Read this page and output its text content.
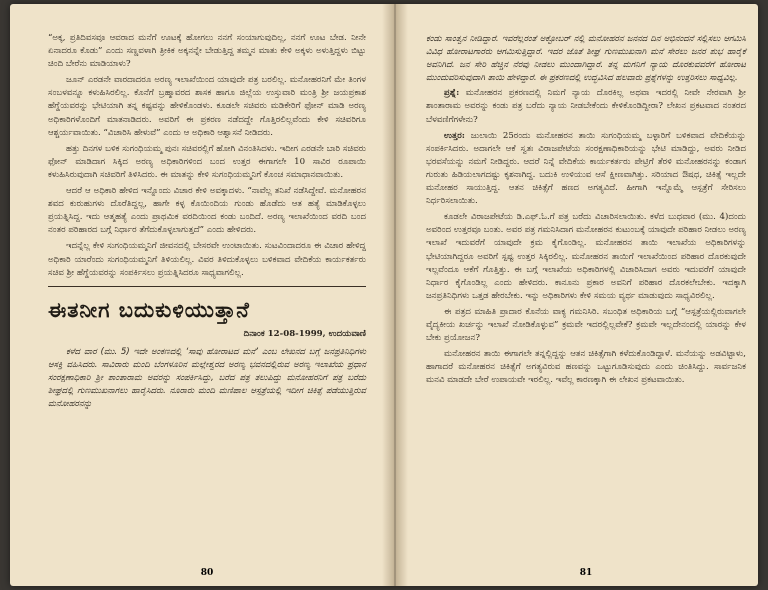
“ಅಕ್ಕ, ಪ್ರತಿದಿವಸವೂ ಆವರಾದ ಮನೆಗೆ ಊಟಕ್ಕೆ ಹೋಗಲು ನನಗೆ ಸಂಯಾಗುವುದಿಲ್ಲ, ನನಗೆ ಊಟ ಬೇಡ. ನೀನೇ ಏನಾದರೂ ಕೊಡು” ಎಂದು ಸಣ್ಣವಳಾಗಿ ತ್ರೀಕಿಕ ಅಕ್ಕನನ್ನೇ ಬೇಡುತ್ತಿದ್ದ ತಮ್ಮನ ಮಾತು ಕೇಳಿ ಅಕ್ಕಳು ಅಳುತ್ತಿದ್ದಳು ಬಿಟ್ಟು ಚಿಂದಿ ಬೇರೆನು ಮಾಡಿಯಾಳು?

ಜೂನ್ ಎರಡನೇ ವಾರದಾದರೂ ಅರಣ್ಯ ಇಲಾಖೆಯಿಂದ ಯಾವುದೇ ಪತ್ರ ಬರಲಿಲ್ಲ. ಮನೋಹರನಿಗೆ ಮೇ ತಿಂಗಳ ಸಂಬಳವನ್ನೂ ಕಳುಹಿಸಿರಲಿಲ್ಲ. ಕೊನೆಗೆ ಬ್ರಹ್ಮಾವರದ ಶಾಸಕ ಹಾಗೂ ಜಿಲ್ಲೆಯ ಉಸ್ತುವಾರಿ ಮಂತ್ರಿ ಶ್ರೀ ಜಯಪ್ರಕಾಶ ಹೆಗ್ಡೆಯವರನ್ನು ಭೇಟಿಯಾಗಿ ತನ್ನ ಕಷ್ಟವನ್ನು ಹೇಳಿಕೊಂಡಳು. ಕೂಡಲೇ ಸಚಿವರು ಮಡಿಕೇರಿಗೆ ಫೋನ್ ಮಾಡಿ ಅರಣ್ಯ ಅಧಿಕಾರಿಗಳೊಂದಿಗೆ ಮಾತನಾಡಿದರು. ಅವರಿಗೆ ಈ ಪ್ರಕರಣ ನಡೆದದ್ದೇ ಗೊತ್ತಿರಲಿಲ್ಲವೆಂದು ಕೇಳಿ ಸಚಿವರಿಗೂ ಆಶ್ಚರ್ಯವಾಯಿತು. “ವಿಚಾರಿಸಿ ಹೇಳುವೆ” ಎಂದು ಆ ಅಧಿಕಾರಿ ಆಶ್ವಾಸನೆ ನೀಡಿದರು.

ಹತ್ತು ದಿನಗಳ ಬಳಿಕ ಸುಗಂಧಿಯಮ್ಮ ಪುನಃ ಸಚಿವರಲ್ಲಿಗೆ ಹೋಗಿ ವಿನಂತಿಸಿದಳು. ಇದೀಗ ಎರಡನೇ ಬಾರಿ ಸಚಿವರು ಫೋನ್ ಮಾಡಿದಾಗ ಸಿಕ್ಕಿದ ಅರಣ್ಯ ಅಧಿಕಾರಿಗಳಿಂದ ಬಂದ ಉತ್ತರ ಈಗಾಗಲೇ 10 ಸಾವಿರ ರೂಪಾಯಿ ಕಳುಹಿಸಿರುವುದಾಗಿ ಸಚಿವರಿಗೆ ತಿಳಿಸಿದರು. ಈ ಮಾತನ್ನು ಕೇಳಿ ಸುಗಂಧಿಯಮ್ಮನಿಗೆ ಕೊಂಚ ಸಮಾಧಾನವಾಯಿತು.

ಆದರೆ ಆ ಅಧಿಕಾರಿ ಹೇಳಿದ ಇನ್ನೊಂದು ವಿಚಾರ ಕೇಳಿ ಅವಕ್ಕಾದಳು. “ನಾವೆಲ್ಲ ತನಿಖೆ ನಡೆಸಿದ್ದೇವೆ. ಮನೋಹರನ ಶವದ ಕುರುಹುಗಳು ದೊರೆತಿದ್ದಲ್ಲ, ಹಾಗೇ ಕಳ್ಳ ಕೊಯಿಂದಿಯ ಗುಂಡು ಹೊಡೆದು ಆತ ಹತ್ಯೆ ಮಾಡಿಕೊಳ್ಳಲು ಪ್ರಯತ್ನಿಸಿದ್ದ. ಇದು ಆತ್ಮಹತ್ಯೆ ಎಂದು ಪ್ರಾಥಮಿಕ ವರದಿಯಿಂದ ಕಂಡು ಬಂದಿದೆ. ಅರಣ್ಯ ಇಲಾಖೆಯಿಂದ ವರದಿ ಬಂದ ನಂತರ ಪರಿಹಾರದ ಬಗ್ಗೆ ನಿರ್ಧಾರ ತೆಗೆದುಕೊಳ್ಳಲಾಗುತ್ತದೆ” ಎಂದು ಹೇಳಿದರು.

ಇದನ್ನೆಲ್ಲ ಕೇಳಿ ಸುಗಂಧಿಯಮ್ಮನಿಗೆ ಜೀವನದಲ್ಲಿ ಬೇಸರವೇ ಉಂಟಾಯಿತು. ಸುಟವಿಂದಾದರೂ ಈ ವಿಚಾರ ಹೇಳಿದ್ದ ಅಧಿಕಾರಿ ಯಾರೆಂದು ಸುಗಂಧಿಯಮ್ಮನಿಗೆ ತಿಳಿಯಲಿಲ್ಲ. ವಿವರ ತಿಳಿದುಕೊಳ್ಳಲು ಬಳಿಕವಾದ ವೇದಿಕೆಯ ಕಾರ್ಯಕರ್ತರು ಸಚಿವ ಶ್ರೀ ಹೆಗ್ಡೆಯವರನ್ನು ಸಂಪರ್ಕಿಸಲು ಪ್ರಯತ್ನಿಸಿದರೂ ಸಾಧ್ಯವಾಗಲಿಲ್ಲ.

ಈತನೀಗ ಬದುಕುಳಿಯುತ್ತಾನೆ
ದಿನಾಂಕ 12-08-1999, ಉದಯವಾಣಿ

ಕಳೆದ ವಾರ (ಮು. 5) ಇದೇ ಅಂಕಣದಲ್ಲಿ ‘ಸಾವು ಹೋರಾಟದ ಮನೆ’ ಎಂಬ ಲೇಖನದ ಬಗ್ಗೆ ಜನಪ್ರತಿನಿಧಿಗಳು ಆಸಕ್ತಿ ವಹಿಸಿದರು. ಸಾವಿರಾರು ಮಂದಿ ಬೆಂಗಳೂರಿನ ಮಲ್ಲೇಶ್ವರದ ಅರಣ್ಯ ಭವನದಲ್ಲಿರುವ ಅರಣ್ಯ ಇಲಾಖೆಯ ಪ್ರಧಾನ ಸಂರಕ್ಷಣಾಧಿಕಾರಿ ಶ್ರೀ ಶಾಂತಾರಾಮ ಅವರನ್ನು ಸಂಪರ್ಕಿಸಿದ್ದು, ಬರೆದ ಪತ್ರ ತಲುಪಿದ್ದು ಮನೋಹರನಿಗೆ ಪತ್ರ ಬರೆದು ಶೀಘ್ರದಲ್ಲಿ ಗುಣಮುಖನಾಗಲು ಹಾರೈಸಿದರು. ನೂರಾರು ಮಂದಿ ಮಣಿಪಾಲ ಆಸ್ಪತ್ರೆಯಲ್ಲಿ ಇದೀಗ ಚಿಕಿತ್ಸೆ ಪಡೆಯುತ್ತಿರುವ ಮನೋಹರನನ್ನು

ಕಂಡು ಸಾಂತ್ವನ ನೀಡಿದ್ದಾರೆ. ಇವರೆಲ್ಲರಂತೆ ಅಕ್ಟೋಬರ್ ನಲ್ಲಿ ಮನೋಹರನ ಜನನದ ದಿನ ಅಭಿನಂದನೆ ಸಲ್ಲಿಸಲು ಆಗಮಿಸಿ ವಿವಿಧ ಹೋರಾಟಗಾರರು ಆಗಮಿಸುತ್ತಿದ್ದಾರೆ. ಇದರ ಜೊತೆ ಶೀಘ್ರ ಗುಣಮುಖನಾಗಿ ಮನೆ ಸೇರಲು ಜನರ ಶುಭ ಹಾರೈಕೆ ಅವನಿಗಿದೆ. ಜನ ಸೇರಿ ಹೆಚ್ಚಿನ ನೆರವು ನೀಡಲು ಮುಂದಾಗಿದ್ದಾರೆ. ತನ್ನ ಮಗನಿಗೆ ನ್ಯಾಯ ದೊರಕುವವರೆಗೆ ಹೋರಾಟ ಮುಂದುವರಿಸುವುದಾಗಿ ತಾಯಿ ಹೇಳಿದ್ದಾರೆ. ಈ ಪ್ರಕರಣದಲ್ಲಿ ಉದ್ಭವಿಸಿದ ಹಲವಾರು ಪ್ರಶ್ನೆಗಳನ್ನು ಉತ್ತರಿಸಲು ಸಾಧ್ಯವಿಲ್ಲ.

ಪ್ರಶ್ನೆ: ಮನೋಹರನ ಪ್ರಕರಣದಲ್ಲಿ ನಿಮಗೆ ನ್ಯಾಯ ದೊರಕಿಲ್ಲ ಅಥವಾ ಇದರಲ್ಲಿ ನೀವೇ ನೇರವಾಗಿ ಶ್ರೀ ಶಾಂತಾರಾಮ ಅವರನ್ನು ಕಂಡು ಪತ್ರ ಬರೆದು ನ್ಯಾಯ ನೀಡಬೇಕೆಂದು ಕೇಳಿಕೊಂಡಿದ್ದೀರಾ? ಲೇಖನ ಪ್ರಕಟವಾದ ನಂತರದ ಬೆಳವಣಿಗೆಗಳೇನು?

ಉತ್ತರ: ಜುಲಾಯಿ 25ರಂದು ಮನೋಹರನ ತಾಯಿ ಸುಗಂಧಿಯಮ್ಮ ಬಳ್ಳಾರಿಗೆ ಬಳಿಕವಾದ ವೇದಿಕೆಯನ್ನು ಸಂಪರ್ಕಿಸಿದರು. ಅದಾಗಲೇ ಆಕೆ ಸ್ವತಃ ವಿರಾಜಪೇಟೆಯ ಸಂರಕ್ಷಣಾಧಿಕಾರಿಯನ್ನು ಭೇಟಿ ಮಾಡಿದ್ದು, ಅವರು ನೀಡಿದ ಭರವಸೆಯನ್ನು ನಮಗೆ ನೀಡಿದ್ದರು. ಆದರೆ ನಿನ್ನೆ ವೇದಿಕೆಯ ಕಾರ್ಯಕರ್ತರು ಪೇಟ್ರಿಗೆ ತೆರಳಿ ಮನೋಹರನನ್ನು ಕಂಡಾಗ ಗುರುತು ಹಿಡಿಯಲಾಗದಷ್ಟು ಕೃಶನಾಗಿದ್ದ. ಬದುಕಿ ಉಳಿಯುವ ಆಸೆ ಕ್ಷೀಣವಾಗಿತ್ತು. ಸರಿಯಾದ ಔಷಧ, ಚಿಕಿತ್ಸೆ ಇಲ್ಲದೇ ಮನೋಹರ ಸಾಯುತ್ತಿದ್ದ. ಆತನ ಚಿಕಿತ್ಸೆಗೆ ಹಣದ ಅಗತ್ಯವಿದೆ. ಹೀಗಾಗಿ ಇನ್ನೊಮ್ಮೆ ಆಸ್ಪತ್ರೆಗೆ ಸೇರಿಸಲು ನಿರ್ಧರಿಸಲಾಯಿತು.

ಕೂಡಲೇ ವಿರಾಜಪೇಟೆಯ ಡಿ.ಎಫ್.ಓ.ಗೆ ಪತ್ರ ಬರೆದು ವಿಚಾರಿಸಲಾಯಿತು. ಕಳೆದ ಬುಧವಾರ (ಮು. 4)ದಂದು ಅವರಿಂದ ಉತ್ತರವೂ ಬಂತು. ಅವರ ಪತ್ರ ಗಮನಿಸಿದಾಗ ಮನೋಹರನ ಕುಟುಂಬಕ್ಕೆ ಯಾವುದೇ ಪರಿಹಾರ ನೀಡಲು ಅರಣ್ಯ ಇಲಾಖೆ ಇದುವರೆಗೆ ಯಾವುದೇ ಕ್ರಮ ಕೈಗೊಂಡಿಲ್ಲ. ಮನೋಹರನ ತಾಯಿ ಇಲಾಖೆಯ ಅಧಿಕಾರಿಗಳನ್ನು ಭೇಟಿಯಾಗಿದ್ದರೂ ಅವರಿಗೆ ಸ್ಪಷ್ಟ ಉತ್ತರ ಸಿಕ್ಕಿರಲಿಲ್ಲ. ಮನೋಹರನ ತಾಯಿಗೆ ಇಲಾಖೆಯಿಂದ ಪರಿಹಾರ ದೊರಕುವುದೇ ಇಲ್ಲವೆಂದೂ ಆಕೆಗೆ ಗೊತ್ತಿತ್ತು. ಈ ಬಗ್ಗೆ ಇಲಾಖೆಯ ಅಧಿಕಾರಿಗಳಲ್ಲಿ ವಿಚಾರಿಸಿದಾಗ ಅವರು ಇದುವರೆಗೆ ಯಾವುದೇ ನಿರ್ಧಾರ ಕೈಗೊಂಡಿಲ್ಲ ಎಂದು ಹೇಳಿದರು. ಕಾನೂನು ಪ್ರಕಾರ ಅವನಿಗೆ ಪರಿಹಾರ ದೊರಕಲೇಬೇಕು. ಇದಕ್ಕಾಗಿ ಜನಪ್ರತಿನಿಧಿಗಳು ಒತ್ತಡ ಹೇರಬೇಕು. ಇನ್ನು ಅಧಿಕಾರಿಗಳು ಕೇಳಿ ಸಮಯ ವ್ಯರ್ಥ ಮಾಡುವುದು ಸಾಧ್ಯವಿರಲಿಲ್ಲ.

ಈ ಪತ್ರದ ಮಾಹಿತಿ ಪ್ರಾದಾರ ಕೊನೆಯ ವಾಕ್ಯ ಗಮನಿಸಿರಿ. ಸಬಂಧಿತ ಅಧಿಕಾರಿಯ ಬಗ್ಗೆ “ಆಸ್ಪತ್ರೆಯಲ್ಲಿರುವಾಗಲೇ ವೈದ್ಯಕೀಯ ಖರ್ಚನ್ನು ಇಲಾಖೆ ನೋಡಿಕೊಳ್ಳುವ” ಕ್ರಮವೇ ಇದರಲ್ಲಿಲ್ಲವೇಕೆ? ಕ್ರಮವೇ ಇಲ್ಲದೇನಂದಲ್ಲಿ ಯಾರನ್ನು ಕೇಳ ಬೇಕು ಪ್ರಯೋಜನ?

ಮನೋಹರನ ತಾಯಿ ಈಗಾಗಲೇ ತನ್ನಲ್ಲಿದ್ದನ್ನು ಆತನ ಚಿಕಿತ್ಸೆಗಾಗಿ ಕಳೆದುಕೊಂಡಿದ್ದಾಳೆ. ಮನೆಯನ್ನು ಅಡವಿಟ್ಟಾಳು, ಹಾಗಾದರೆ ಮನೋಹರನ ಚಿಕಿತ್ಸೆಗೆ ಅಗತ್ಯವಿರುವ ಹಣವನ್ನು ಒಟ್ಟುಗೂಡಿಸುವುದು ಎಂದು ಚಿಂತಿಸಿದ್ದು. ಸಾರ್ವಜನಿಕ ಮನವಿ ಮಾಡದೇ ಬೇರೆ ಉಪಾಯವೇ ಇರಲಿಲ್ಲ. ಇವೆಲ್ಲ ಕಾರಣಕ್ಕಾಗಿ ಈ ಲೇಖನ ಪ್ರಕಟವಾಯಿತು.

80	81
